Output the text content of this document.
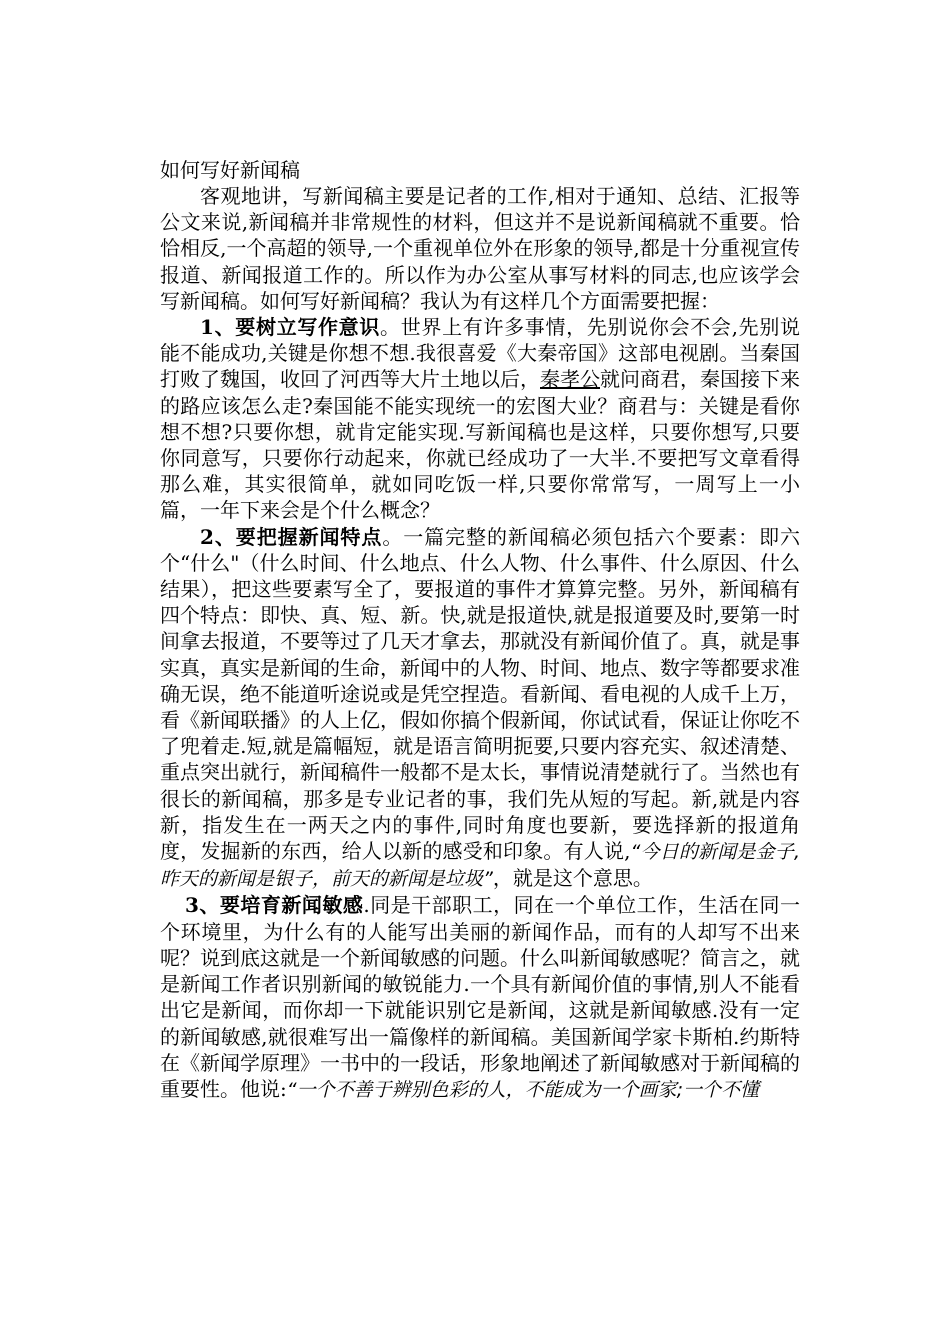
如何写好新闻稿

客观地讲，写新闻稿主要是记者的工作,相对于通知、总结、汇报等公文来说,新闻稿并非常规性的材料，但这并不是说新闻稿就不重要。恰恰相反,一个高超的领导,一个重视单位外在形象的领导,都是十分重视宣传报道、新闻报道工作的。所以作为办公室从事写材料的同志,也应该学会写新闻稿。如何写好新闻稿？我认为有这样几个方面需要把握：

1、要树立写作意识。世界上有许多事情，先别说你会不会,先别说能不能成功,关键是你想不想.我很喜爱《大秦帝国》这部电视剧。当秦国打败了魏国，收回了河西等大片土地以后，秦孝公就问商君，秦国接下来的路应该怎么走?秦国能不能实现统一的宏图大业？商君与：关键是看你想不想?只要你想，就肯定能实现.写新闻稿也是这样，只要你想写,只要你同意写，只要你行动起来，你就已经成功了一大半.不要把写文章看得那么难，其实很简单，就如同吃饭一样,只要你常常写，一周写上一小篇，一年下来会是个什么概念？

2、要把握新闻特点。一篇完整的新闻稿必须包括六个要素：即六个“什么"（什么时间、什么地点、什么人物、什么事件、什么原因、什么结果），把这些要素写全了，要报道的事件才算算完整。另外，新闻稿有四个特点：即快、真、短、新。快,就是报道快,就是报道要及时,要第一时间拿去报道，不要等过了几天才拿去，那就没有新闻价值了。真，就是事实真，真实是新闻的生命，新闻中的人物、时间、地点、数字等都要求准确无误，绝不能道听途说或是凭空捏造。看新闻、看电视的人成千上万，看《新闻联播》的人上亿，假如你搞个假新闻，你试试看，保证让你吃不了兜着走.短,就是篇幅短，就是语言简明扼要,只要内容充实、叙述清楚、重点突出就行，新闻稿件一般都不是太长，事情说清楚就行了。当然也有很长的新闻稿，那多是专业记者的事，我们先从短的写起。新,就是内容新，指发生在一两天之内的事件,同时角度也要新，要选择新的报道角度，发掘新的东西，给人以新的感受和印象。有人说,“今日的新闻是金子,昨天的新闻是银子，前天的新闻是垃圾”，就是这个意思。

3、要培育新闻敏感.同是干部职工，同在一个单位工作，生活在同一个环境里，为什么有的人能写出美丽的新闻作品，而有的人却写不出来呢？说到底这就是一个新闻敏感的问题。什么叫新闻敏感呢？简言之，就是新闻工作者识别新闻的敏锐能力.一个具有新闻价值的事情,别人不能看出它是新闻，而你却一下就能识别它是新闻，这就是新闻敏感.没有一定的新闻敏感,就很难写出一篇像样的新闻稿。美国新闻学家卡斯柏.约斯特在《新闻学原理》一书中的一段话，形象地阐述了新闻敏感对于新闻稿的重要性。他说:“一个不善于辨别色彩的人，不能成为一个画家;一个不懂
